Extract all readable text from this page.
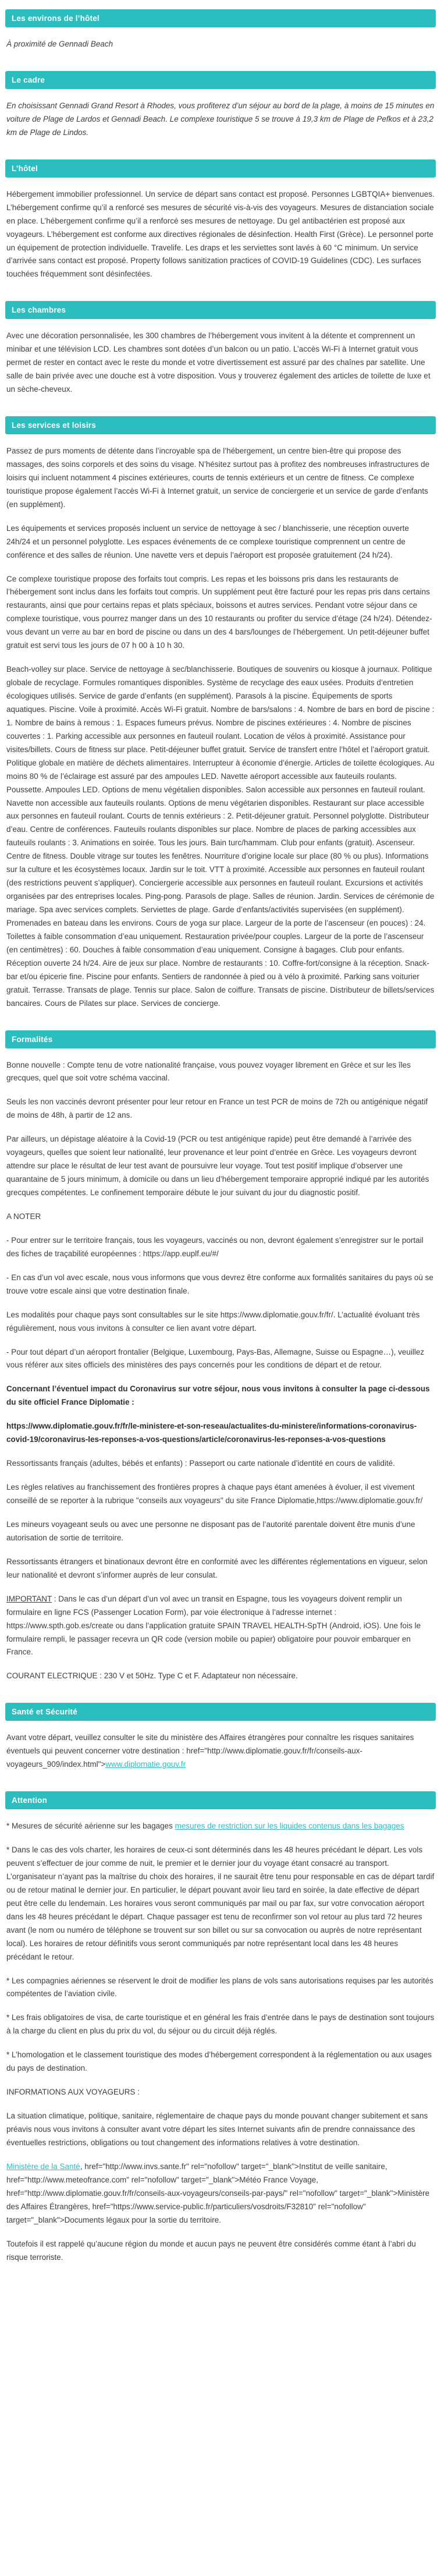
Les environs de l’hôtel

À proximité de Gennadi Beach

Le cadre

En choisissant Gennadi Grand Resort à Rhodes, vous profiterez d’un séjour au bord de la plage, à moins de 15 minutes en voiture de Plage de Lardos et Gennadi Beach. Le complexe touristique 5 se trouve à 19,3 km de Plage de Pefkos et à 23,2 km de Plage de Lindos.

L’hôtel

Hébergement immobilier professionnel. Un service de départ sans contact est proposé. Personnes LGBTQIA+ bienvenues. L’hébergement confirme qu’il a renforcé ses mesures de sécurité vis-à-vis des voyageurs. Mesures de distanciation sociale en place. L’hébergement confirme qu’il a renforcé ses mesures de nettoyage. Du gel antibactérien est proposé aux voyageurs. L’hébergement est conforme aux directives régionales de désinfection. Health First (Grèce). Le personnel porte un équipement de protection individuelle. Travelife. Les draps et les serviettes sont lavés à 60 °C minimum. Un service d’arrivée sans contact est proposé. Property follows sanitization practices of COVID-19 Guidelines (CDC). Les surfaces touchées fréquemment sont désinfectées.

Les chambres

Avec une décoration personnalisée, les 300 chambres de l’hébergement vous invitent à la détente et comprennent un minibar et une télévision LCD. Les chambres sont dotées d’un balcon ou un patio. L’accès Wi-Fi à Internet gratuit vous permet de rester en contact avec le reste du monde et votre divertissement est assuré par des chaînes par satellite. Une salle de bain privée avec une douche est à votre disposition. Vous y trouverez également des articles de toilette de luxe et un sèche-cheveux.

Les services et loisirs

Passez de purs moments de détente dans l’incroyable spa de l’hébergement, un centre bien-être qui propose des massages, des soins corporels et des soins du visage. N’hésitez surtout pas à profitez des nombreuses infrastructures de loisirs qui incluent notamment 4 piscines extérieures, courts de tennis extérieurs et un centre de fitness. Ce complexe touristique propose également l’accès Wi-Fi à Internet gratuit, un service de conciergerie et un service de garde d’enfants (en supplément).

Les équipements et services proposés incluent un service de nettoyage à sec / blanchisserie, une réception ouverte 24h/24 et un personnel polyglotte. Les espaces événements de ce complexe touristique comprennent un centre de conférence et des salles de réunion. Une navette vers et depuis l’aéroport est proposée gratuitement (24 h/24).

Ce complexe touristique propose des forfaits tout compris. Les repas et les boissons pris dans les restaurants de l’hébergement sont inclus dans les forfaits tout compris. Un supplément peut être facturé pour les repas pris dans certains restaurants, ainsi que pour certains repas et plats spéciaux, boissons et autres services. Pendant votre séjour dans ce complexe touristique, vous pourrez manger dans un des 10 restaurants ou profiter du service d’étage (24 h/24). Détendez-vous devant un verre au bar en bord de piscine ou dans un des 4 bars/lounges de l’hébergement. Un petit-déjeuner buffet gratuit est servi tous les jours de 07 h 00 à 10 h 30.

Beach-volley sur place. Service de nettoyage à sec/blanchisserie. Boutiques de souvenirs ou kiosque à journaux. Politique globale de recyclage. Formules romantiques disponibles. Système de recyclage des eaux usées. Produits d’entretien écologiques utilisés. Service de garde d’enfants (en supplément). Parasols à la piscine. Équipements de sports aquatiques. Piscine. Voile à proximité. Accès Wi-Fi gratuit. Nombre de bars/salons : 4. Nombre de bars en bord de piscine : 1. Nombre de bains à remous : 1. Espaces fumeurs prévus. Nombre de piscines extérieures : 4. Nombre de piscines couvertes : 1. Parking accessible aux personnes en fauteuil roulant. Location de vélos à proximité. Assistance pour visites/billets. Cours de fitness sur place. Petit-déjeuner buffet gratuit. Service de transfert entre l’hôtel et l’aéroport gratuit. Politique globale en matière de déchets alimentaires. Interrupteur à économie d’énergie. Articles de toilette écologiques. Au moins 80 % de l’éclairage est assuré par des ampoules LED. Navette aéroport accessible aux fauteuils roulants. Poussette. Ampoules LED. Options de menu végétalien disponibles. Salon accessible aux personnes en fauteuil roulant. Navette non accessible aux fauteuils roulants. Options de menu végétarien disponibles. Restaurant sur place accessible aux personnes en fauteuil roulant. Courts de tennis extérieurs : 2. Petit-déjeuner gratuit. Personnel polyglotte. Distributeur d’eau. Centre de conférences. Fauteuils roulants disponibles sur place. Nombre de places de parking accessibles aux fauteuils roulants : 3. Animations en soirée. Tous les jours. Bain turc/hammam. Club pour enfants (gratuit). Ascenseur. Centre de fitness. Double vitrage sur toutes les fenêtres. Nourriture d’origine locale sur place (80 % ou plus). Informations sur la culture et les écosystèmes locaux. Jardin sur le toit. VTT à proximité. Accessible aux personnes en fauteuil roulant (des restrictions peuvent s’appliquer). Conciergerie accessible aux personnes en fauteuil roulant. Excursions et activités organisées par des entreprises locales. Ping-pong. Parasols de plage. Salles de réunion. Jardin. Services de cérémonie de mariage. Spa avec services complets. Serviettes de plage. Garde d’enfants/activités supervisées (en supplément). Promenades en bateau dans les environs. Cours de yoga sur place. Largeur de la porte de l’ascenseur (en pouces) : 24. Toilettes à faible consommation d’eau uniquement. Restauration privée/pour couples. Largeur de la porte de l’ascenseur (en centimètres) : 60. Douches à faible consommation d’eau uniquement. Consigne à bagages. Club pour enfants. Réception ouverte 24 h/24. Aire de jeux sur place. Nombre de restaurants : 10. Coffre-fort/consigne à la réception. Snack-bar et/ou épicerie fine. Piscine pour enfants. Sentiers de randonnée à pied ou à vélo à proximité. Parking sans voiturier gratuit. Terrasse. Transats de plage. Tennis sur place. Salon de coiffure. Transats de piscine. Distributeur de billets/services bancaires. Cours de Pilates sur place. Services de concierge.

Formalités

Bonne nouvelle : Compte tenu de votre nationalité française, vous pouvez voyager librement en Grèce et sur les îles grecques, quel que soit votre schéma vaccinal.

Seuls les non vaccinés devront présenter pour leur retour en France un test PCR de moins de 72h ou antigénique négatif de moins de 48h, à partir de 12 ans.

Par ailleurs, un dépistage aléatoire à la Covid-19 (PCR ou test antigénique rapide) peut être demandé à l’arrivée des voyageurs, quelles que soient leur nationalité, leur provenance et leur point d’entrée en Grèce. Les voyageurs devront attendre sur place le résultat de leur test avant de poursuivre leur voyage. Tout test positif implique d’observer une quarantaine de 5 jours minimum, à domicile ou dans un lieu d’hébergement temporaire approprié indiqué par les autorités grecques compétentes. Le confinement temporaire débute le jour suivant du jour du diagnostic positif.

A NOTER

- Pour entrer sur le territoire français, tous les voyageurs, vaccinés ou non, devront également s’enregistrer sur le portail des fiches de traçabilité européennes : https://app.euplf.eu/#/

- En cas d’un vol avec escale, nous vous informons que vous devrez être conforme aux formalités sanitaires du pays où se trouve votre escale ainsi que votre destination finale.

Les modalités pour chaque pays sont consultables sur le site https://www.diplomatie.gouv.fr/fr/. L’actualité évoluant très régulièrement, nous vous invitons à consulter ce lien avant votre départ.

- Pour tout départ d’un aéroport frontalier (Belgique, Luxembourg, Pays-Bas, Allemagne, Suisse ou Espagne…), veuillez vous référer aux sites officiels des ministères des pays concernés pour les conditions de départ et de retour.

Concernant l’éventuel impact du Coronavirus sur votre séjour, nous vous invitons à consulter la page ci-dessous du site officiel France Diplomatie :

https://www.diplomatie.gouv.fr/fr/le-ministere-et-son-reseau/actualites-du-ministere/informations-coronavirus-covid-19/coronavirus-les-reponses-a-vos-questions/article/coronavirus-les-reponses-a-vos-questions

Ressortissants français (adultes, bébés et enfants) : Passeport ou carte nationale d’identité en cours de validité.

Les règles relatives au franchissement des frontières propres à chaque pays étant amenées à évoluer, il est vivement conseillé de se reporter à la rubrique "conseils aux voyageurs" du site France Diplomatie,https://www.diplomatie.gouv.fr/

Les mineurs voyageant seuls ou avec une personne ne disposant pas de l’autorité parentale doivent être munis d’une autorisation de sortie de territoire.

Ressortissants étrangers et binationaux devront être en conformité avec les différentes réglementations en vigueur, selon leur nationalité et devront s’informer auprès de leur consulat.

IMPORTANT : Dans le cas d’un départ d’un vol avec un transit en Espagne, tous les voyageurs doivent remplir un formulaire en ligne FCS (Passenger Location Form), par voie électronique à l’adresse internet : https://www.spth.gob.es/create ou dans l’application gratuite SPAIN TRAVEL HEALTH-SpTH (Android, iOS). Une fois le formulaire rempli, le passager recevra un QR code (version mobile ou papier) obligatoire pour pouvoir embarquer en France.

COURANT ELECTRIQUE : 230 V et 50Hz. Type C et F. Adaptateur non nécessaire.

Santé et Sécurité

Avant votre départ, veuillez consulter le site du ministère des Affaires étrangères pour connaître les risques sanitaires éventuels qui peuvent concerner votre destination : href="http://www.diplomatie.gouv.fr/fr/conseils-aux-voyageurs_909/index.html">www.diplomatie.gouv.fr

Attention

* Mesures de sécurité aérienne sur les bagages mesures de restriction sur les liquides contenus dans les bagages

* Dans le cas des vols charter, les horaires de ceux-ci sont déterminés dans les 48 heures précédant le départ. Les vols peuvent s’effectuer de jour comme de nuit, le premier et le dernier jour du voyage étant consacré au transport. L’organisateur n’ayant pas la maîtrise du choix des horaires, il ne saurait être tenu pour responsable en cas de départ tardif ou de retour matinal le dernier jour. En particulier, le départ pouvant avoir lieu tard en soirée, la date effective de départ peut être celle du lendemain. Les horaires vous seront communiqués par mail ou par fax, sur votre convocation aéroport dans les 48 heures précédant le départ. Chaque passager est tenu de reconfirmer son vol retour au plus tard 72 heures avant (le nom ou numéro de téléphone se trouvent sur son billet ou sur sa convocation ou auprès de notre représentant local). Les horaires de retour définitifs vous seront communiqués par notre représentant local dans les 48 heures précédant le retour.

* Les compagnies aériennes se réservent le droit de modifier les plans de vols sans autorisations requises par les autorités compétentes de l’aviation civile.

* Les frais obligatoires de visa, de carte touristique et en général les frais d’entrée dans le pays de destination sont toujours à la charge du client en plus du prix du vol, du séjour ou du circuit déjà réglés.

* L’homologation et le classement touristique des modes d’hébergement correspondent à la réglementation ou aux usages du pays de destination.

INFORMATIONS AUX VOYAGEURS :

La situation climatique, politique, sanitaire, réglementaire de chaque pays du monde pouvant changer subitement et sans préavis nous vous invitons à consulter avant votre départ les sites Internet suivants afin de prendre connaissance des éventuelles restrictions, obligations ou tout changement des informations relatives à votre destination.

Ministère de la Santé, href="http://www.invs.sante.fr" rel="nofollow" target="_blank">Institut de veille sanitaire, href="http://www.meteofrance.com" rel="nofollow" target="_blank">Météo France Voyage, href="http://www.diplomatie.gouv.fr/fr/conseils-aux-voyageurs/conseils-par-pays/" rel="nofollow" target="_blank">Ministère des Affaires Étrangères, href="https://www.service-public.fr/particuliers/vosdroits/F32810" rel="nofollow" target="_blank">Documents légaux pour la sortie du territoire.

Toutefois il est rappelé qu’aucune région du monde et aucun pays ne peuvent être considérés comme étant à l’abri du risque terroriste.
